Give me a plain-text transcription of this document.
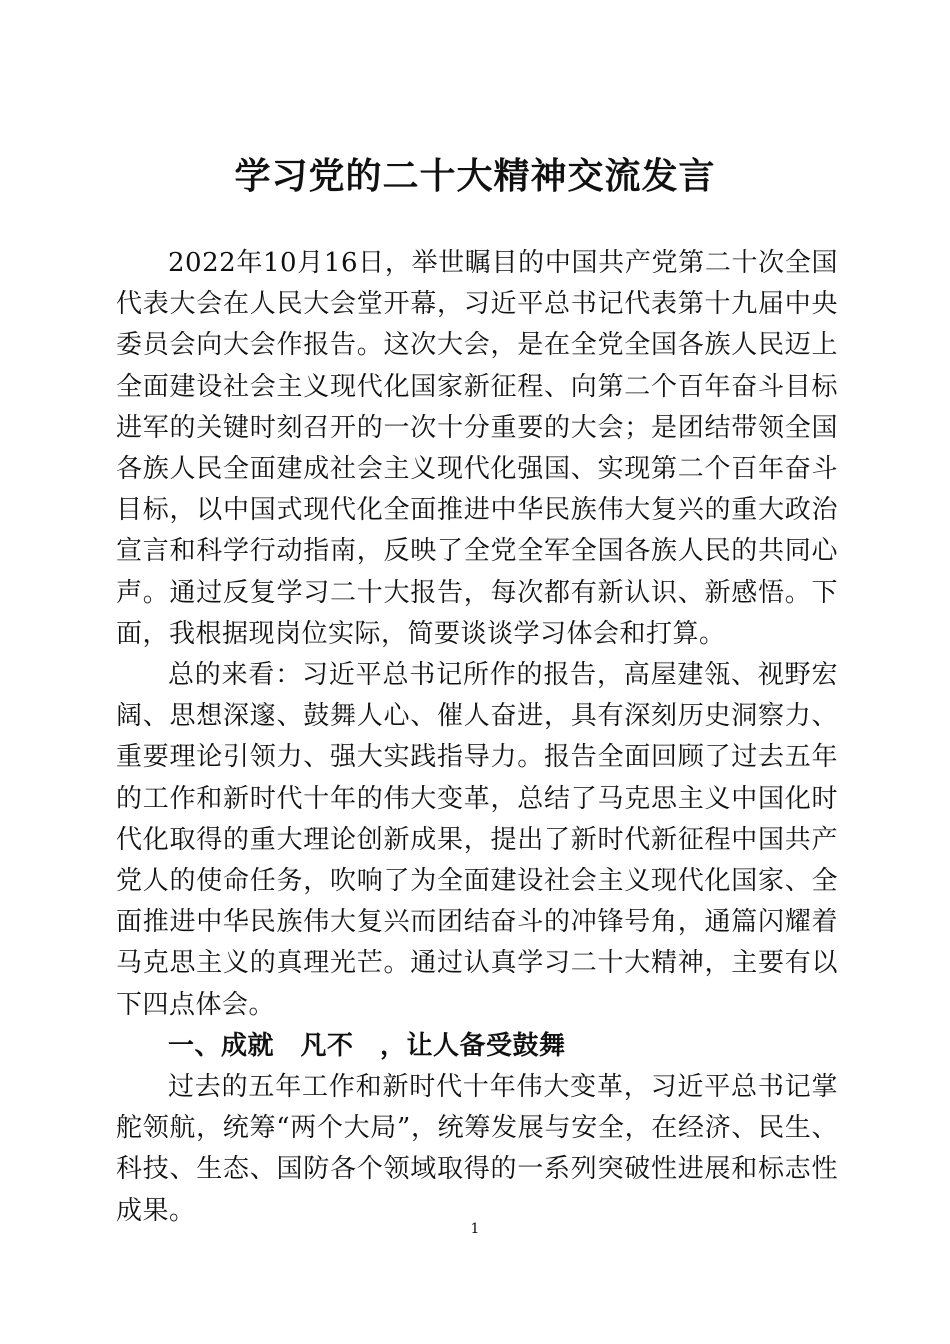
学习党的二十大精神交流发言

2022年10月16日，举世瞩目的中国共产党第二十次全国代表大会在人民大会堂开幕，习近平总书记代表第十九届中央委员会向大会作报告。这次大会，是在全党全国各族人民迈上全面建设社会主义现代化国家新征程、向第二个百年奋斗目标进军的关键时刻召开的一次十分重要的大会；是团结带领全国各族人民全面建成社会主义现代化强国、实现第二个百年奋斗目标，以中国式现代化全面推进中华民族伟大复兴的重大政治宣言和科学行动指南，反映了全党全军全国各族人民的共同心声。通过反复学习二十大报告，每次都有新认识、新感悟。下面，我根据现岗位实际，简要谈谈学习体会和打算。

总的来看：习近平总书记所作的报告，高屋建瓴、视野宏阔、思想深邃、鼓舞人心、催人奋进，具有深刻历史洞察力、重要理论引领力、强大实践指导力。报告全面回顾了过去五年的工作和新时代十年的伟大变革，总结了马克思主义中国化时代化取得的重大理论创新成果，提出了新时代新征程中国共产党人的使命任务，吹响了为全面建设社会主义现代化国家、全面推进中华民族伟大复兴而团结奋斗的冲锋号角，通篇闪耀着马克思主义的真理光芒。通过认真学习二十大精神，主要有以下四点体会。

一、成就　凡不　，让人备受鼓舞

过去的五年工作和新时代十年伟大变革，习近平总书记掌舵领航，统筹“两个大局”，统筹发展与安全，在经济、民生、科技、生态、国防各个领域取得的一系列突破性进展和标志性成果。

1
